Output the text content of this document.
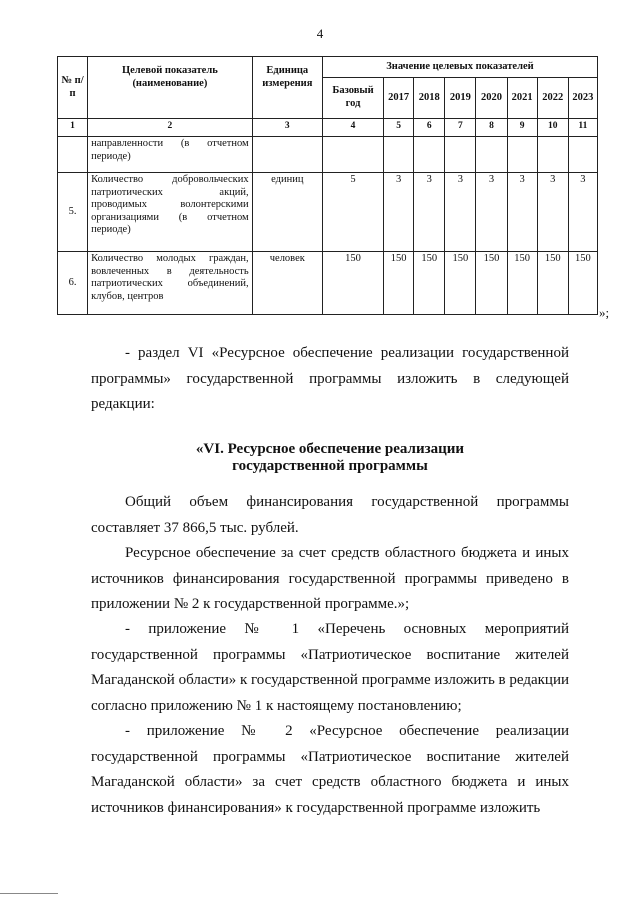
4
№ п/п	Целевой показатель (наименование)	Единица измерения	Значение целевых показателей							
			Базовый год	2017	2018	2019	2020	2021	2022	2023
1	2	3	4	5	6	7	8	9	10	11
	направленности (в отчетном периоде)									
5.	Количество добровольческих патриотических акций, проводимых волонтерскими организациями (в отчетном периоде)	единиц	5	3	3	3	3	3	3	3
6.	Количество молодых граждан, вовлеченных в деятельность патриотических объединений, клубов, центров	человек	150	150	150	150	150	150	150	150
»;
- раздел VI «Ресурсное обеспечение реализации государственной программы» государственной программы изложить в следующей редакции:
«VI. Ресурсное обеспечение реализации
государственной программы
Общий объем финансирования государственной программы составляет 37 866,5 тыс. рублей.
Ресурсное обеспечение за счет средств областного бюджета и иных источников финансирования государственной программы приведено в приложении № 2 к государственной программе.»;
- приложение № 1 «Перечень основных мероприятий государственной программы «Патриотическое воспитание жителей Магаданской области» к государственной программе изложить в редакции согласно приложению № 1 к настоящему постановлению;
- приложение № 2 «Ресурсное обеспечение реализации государственной программы «Патриотическое воспитание жителей Магаданской области» за счет средств областного бюджета и иных источников финансирования» к государственной программе изложить
